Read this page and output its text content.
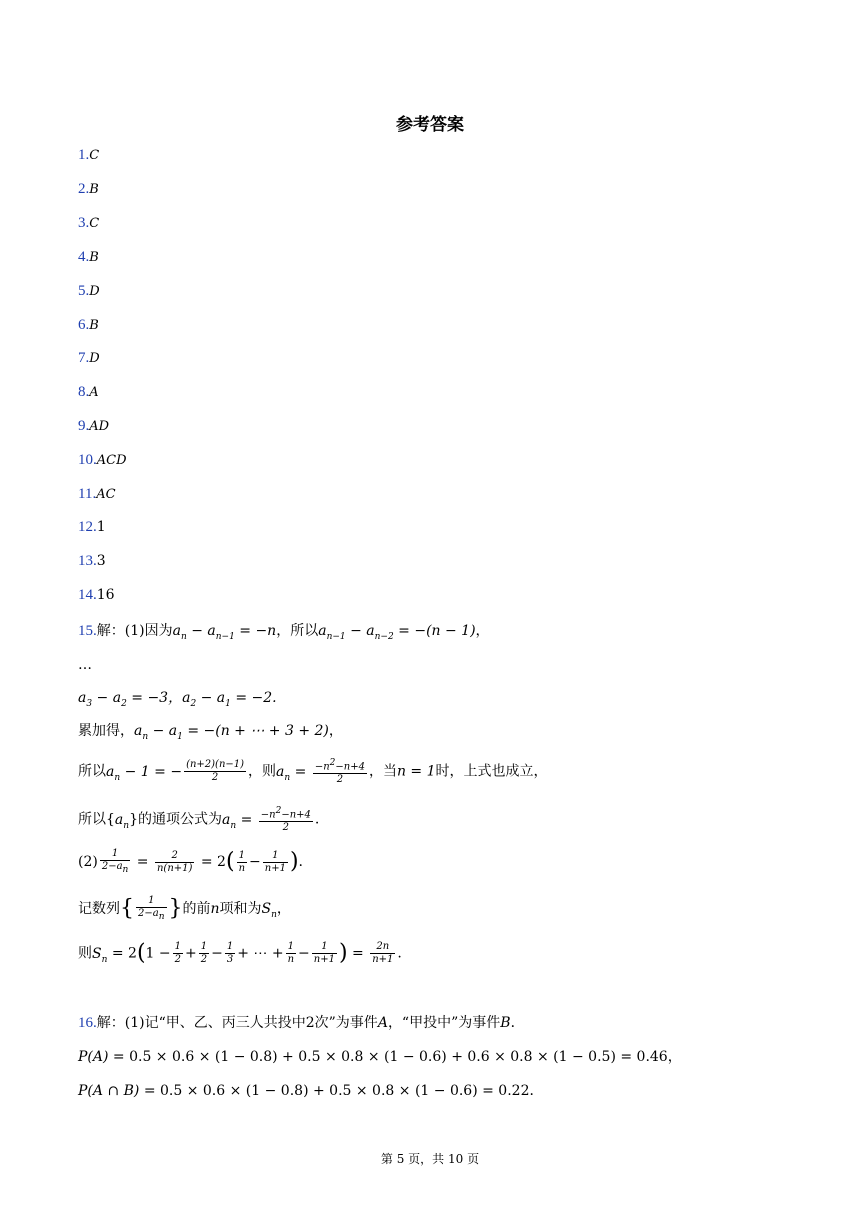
参考答案
1.C
2.B
3.C
4.B
5.D
6.B
7.D
8.A
9.AD
10.ACD
11.AC
12.1
13.3
14.16
15.解：(1)因为$a_n - a_{n-1} = -n$，所以$a_{n-1} - a_{n-2} = -(n - 1)$，
…
$a_3 - a_2 = -3$，$a_2 - a_1 = -2$.
累加得，$a_n - a_1 = -(n$ + ⋯ + 3 + 2)，
所以$a_n - 1$ = − $\frac{(n+2)(n-1)}{2}$ ，则$a_n = \frac{-n^2-n+4}{2}$ ，当n = 1时，上式也成立，
所以$\{a_n\}$的通项公式为$a_n = \frac{-n^2-n+4}{2}$ .
$(2) \frac{1}{2-a_n} = \frac{2}{n(n+1)} = 2( \frac{1}{n} - \frac{1}{n+1}$ ).
记数列{ $\frac{1}{2-a_n}$ }的前n项和为$S_n$，
则$S_n = 2(1 - \frac{1}{2} + \frac{1}{2} - \frac{1}{3}$ + ⋯ + $\frac{1}{n} - \frac{1}{n+1}$ ) = $\frac{2n}{n+1}$ .
16.解：(1)记“甲、乙、丙三人共投中2次”为事件A，“甲投中”为事件B．
P(A) = 0.5 × 0.6 × (1 − 0.8) + 0.5 × 0.8 × (1 − 0.6) + 0.6 × 0.8 × (1 − 0.5) = 0.46，
P(A ∩ B) = 0.5 × 0.6 × (1 − 0.8) + 0.5 × 0.8 × (1 − 0.6) = 0.22．
第 5 页，共 10 页
